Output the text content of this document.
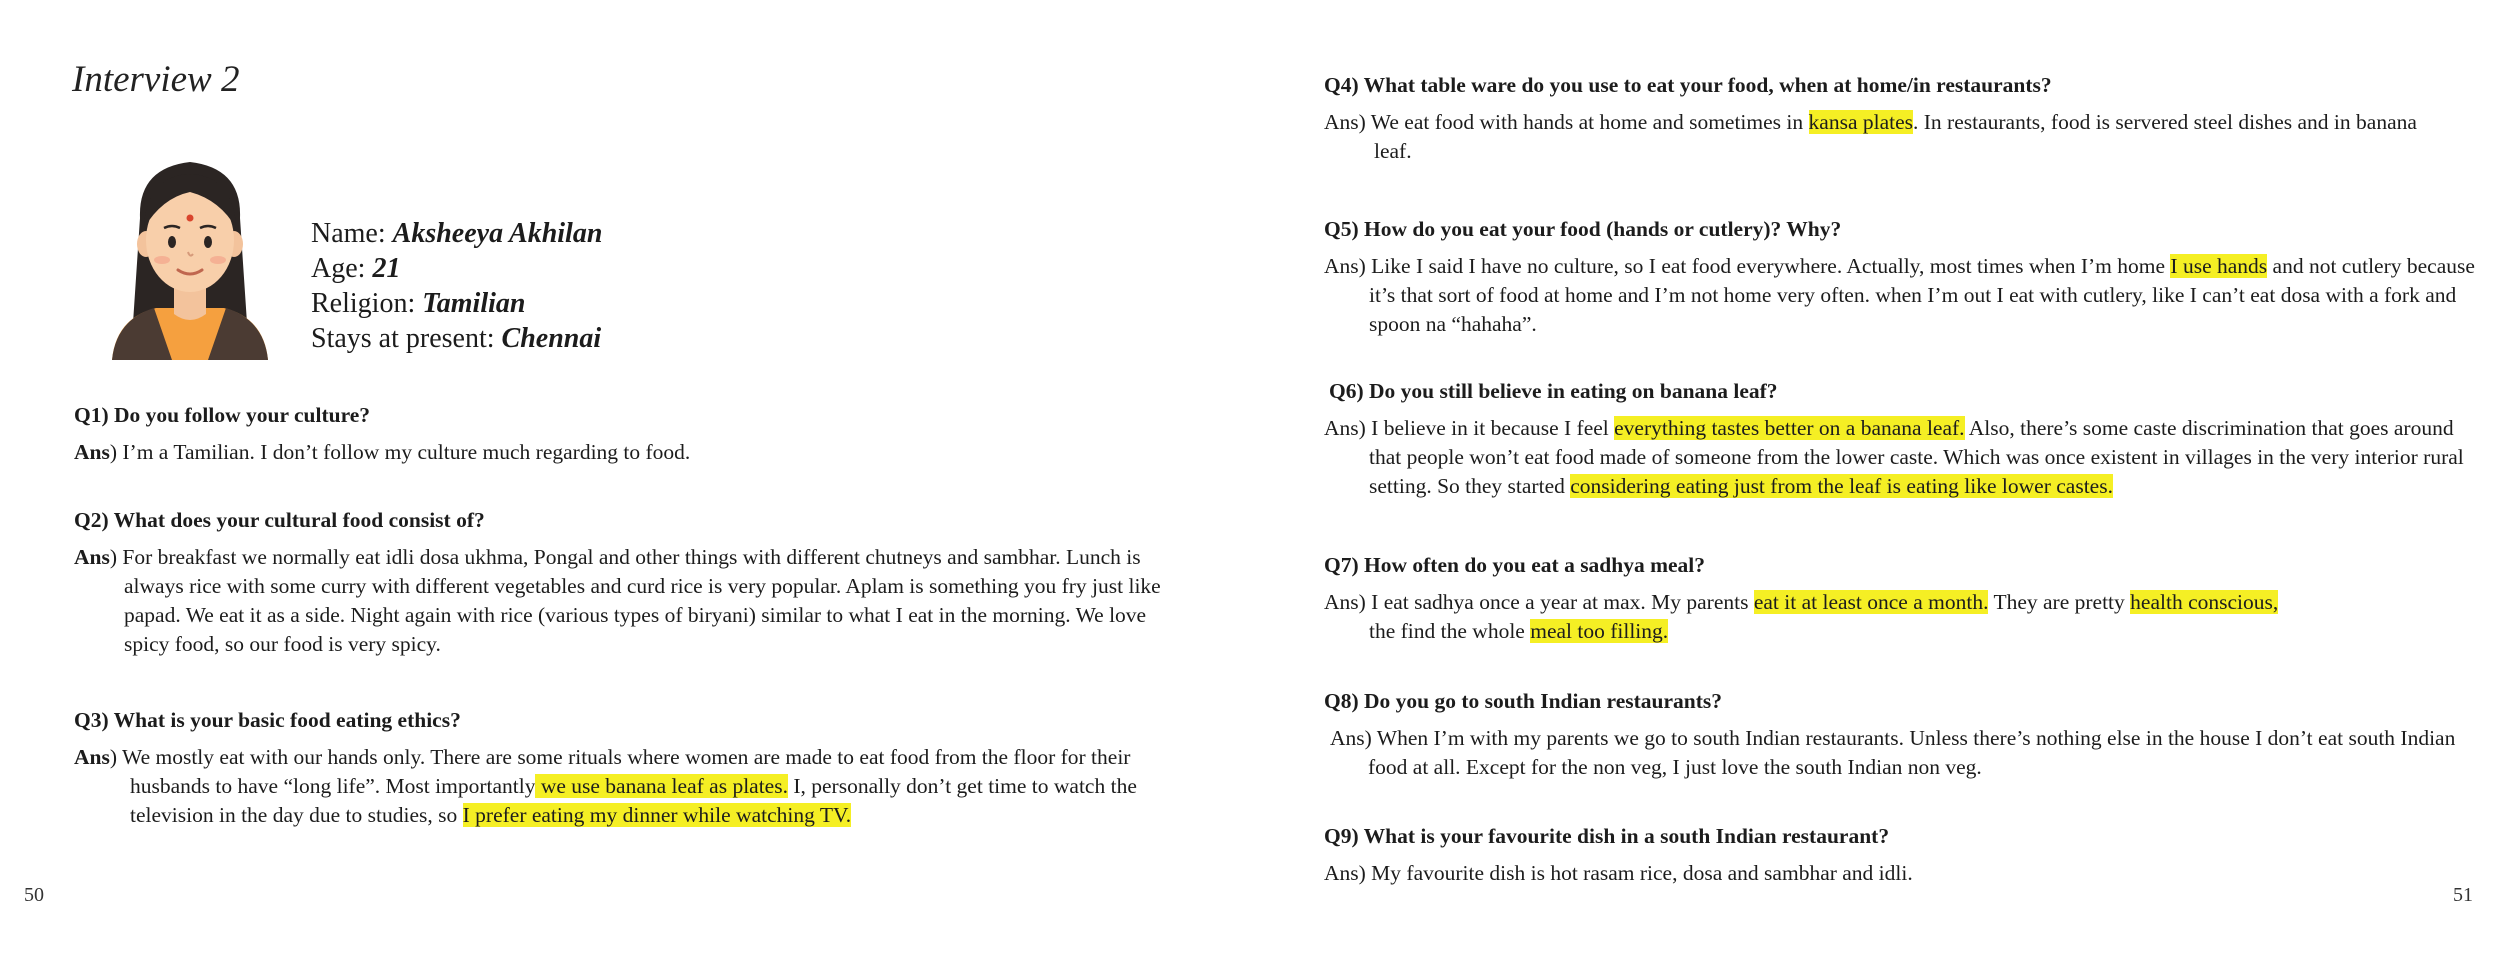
Interview 2
Name: Aksheeya Akhilan
Age: 21
Religion: Tamilian
Stays at present: Chennai
Q1) Do you follow your culture?
Ans) I’m a Tamilian. I don’t follow my culture much regarding to food.
Q2) What does your cultural food consist of?
Ans) For breakfast we normally eat idli dosa ukhma, Pongal and other things with different chutneys and sambhar. Lunch is always rice with some curry with different vegetables and curd rice is very popular. Aplam is something you fry just like papad. We eat it as a side. Night again with rice (various types of biryani) similar to what I eat in the morning. We love spicy food, so our food is very spicy.
Q3) What is your basic food eating ethics?
Ans) We mostly eat with our hands only. There are some rituals where women are made to eat food from the floor for their husbands to have “long life”. Most importantly we use banana leaf as plates. I, personally don’t get time to watch the television in the day due to studies, so I prefer eating my dinner while watching TV.
50
Q4) What table ware do you use to eat your food, when at home/in restaurants?
Ans) We eat food with hands at home and sometimes in kansa plates. In restaurants, food is servered steel dishes and in banana leaf.
Q5) How do you eat your food (hands or cutlery)? Why?
Ans) Like I said I have no culture, so I eat food everywhere. Actually, most times when I’m home I use hands and not cutlery because it’s that sort of food at home and I’m not home very often. when I’m out I eat with cutlery, like I can’t eat dosa with a fork and spoon na “hahaha”.
Q6) Do you still believe in eating on banana leaf?
Ans) I believe in it because I feel everything tastes better on a banana leaf. Also, there’s some caste discrimination that goes around that people won’t eat food made of someone from the lower caste. Which was once existent in villages in the very interior rural setting. So they started considering eating just from the leaf is eating like lower castes.
Q7) How often do you eat a sadhya meal?
Ans) I eat sadhya once a year at max. My parents eat it at least once a month. They are pretty health conscious,
the find the whole meal too filling.
Q8) Do you go to south Indian restaurants?
Ans) When I’m with my parents we go to south Indian restaurants. Unless there’s nothing else in the house I don’t eat south Indian food at all. Except for the non veg, I just love the south Indian non veg.
Q9) What is your favourite dish in a south Indian restaurant?
Ans) My favourite dish is hot rasam rice, dosa and sambhar and idli.
51
